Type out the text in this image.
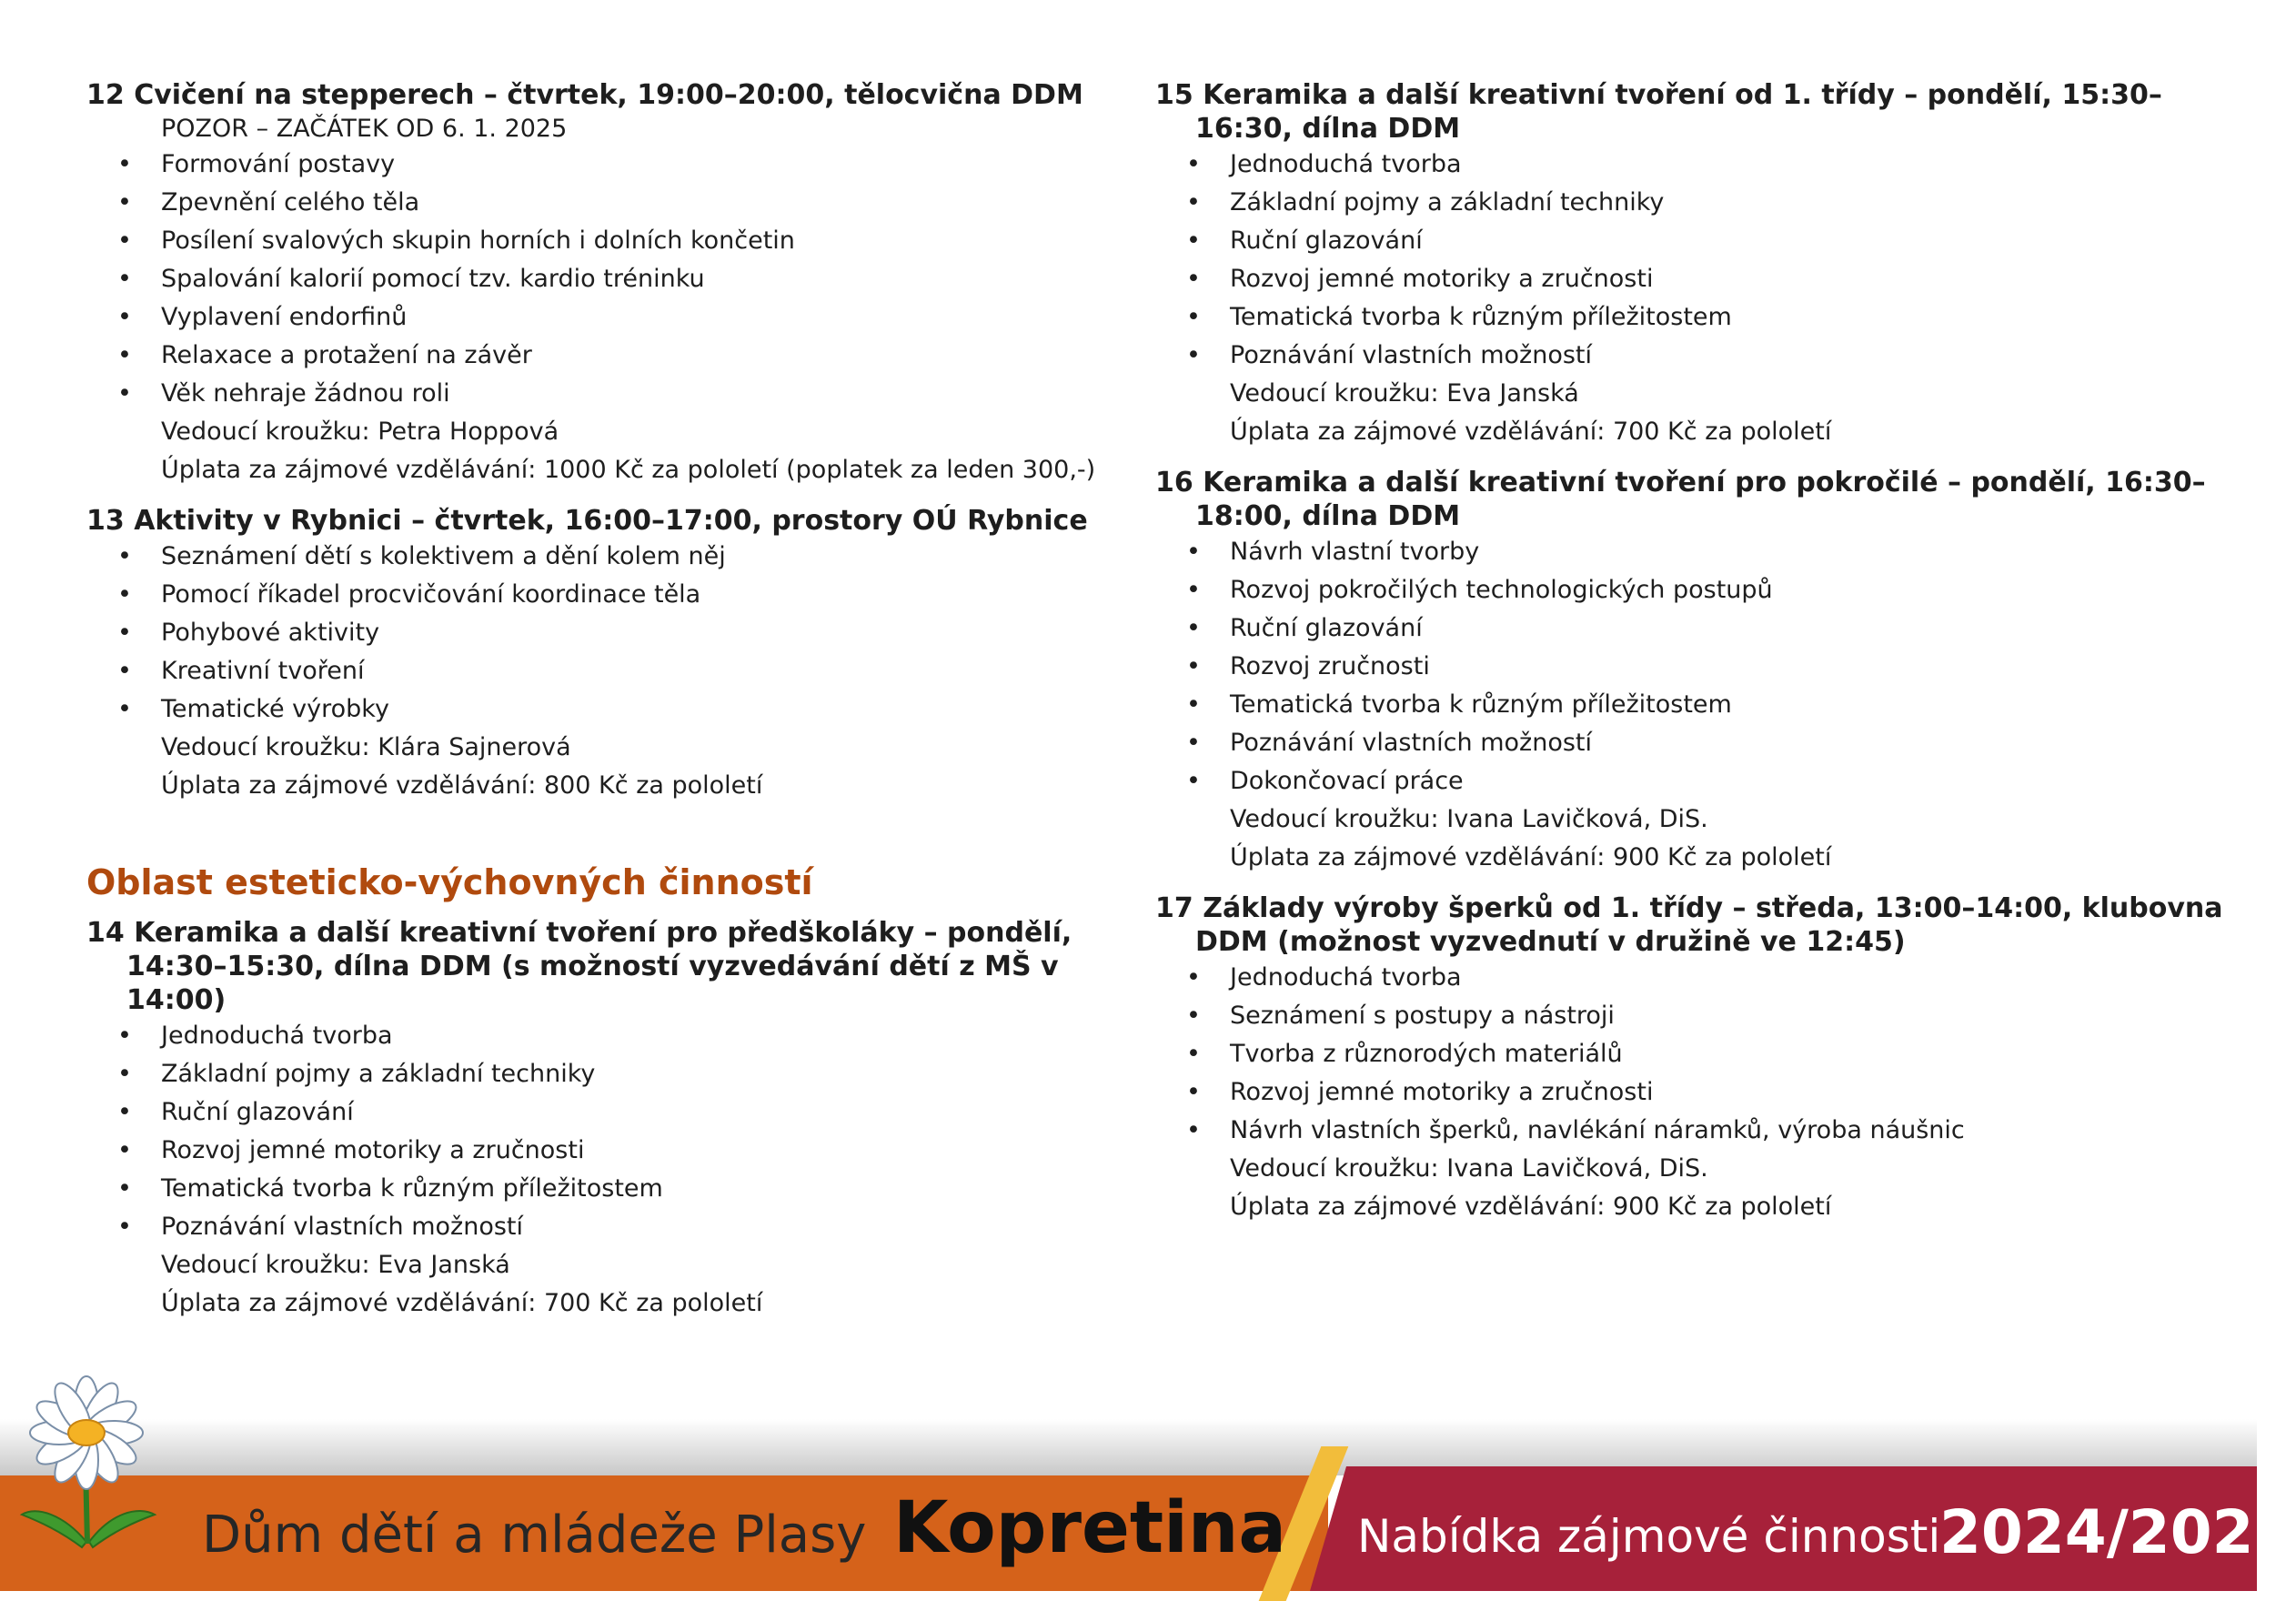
12 Cvičení na stepperech – čtvrtek, 19:00–20:00, tělocvična DDM

POZOR – ZAČÁTEK OD 6. 1. 2025
• Formování postavy
• Zpevnění celého těla
• Posílení svalových skupin horních i dolních končetin
• Spalování kalorií pomocí tzv. kardio tréninku
• Vyplavení endorfinů
• Relaxace a protažení na závěr
• Věk nehraje žádnou roli
Vedoucí kroužku: Petra Hoppová
Úplata za zájmové vzdělávání: 1000 Kč za pololetí (poplatek za leden 300,-)

13 Aktivity v Rybnici – čtvrtek, 16:00–17:00, prostory OÚ Rybnice

• Seznámení dětí s kolektivem a dění kolem něj
• Pomocí říkadel procvičování koordinace těla
• Pohybové aktivity
• Kreativní tvoření
• Tematické výrobky
Vedoucí kroužku: Klára Sajnerová
Úplata za zájmové vzdělávání: 800 Kč za pololetí
Oblast esteticko-výchovných činností

14 Keramika a další kreativní tvoření pro předškoláky – pondělí, 14:30–15:30, dílna DDM (s možností vyzvedávání dětí z MŠ v 14:00)

• Jednoduchá tvorba
• Základní pojmy a základní techniky
• Ruční glazování
• Rozvoj jemné motoriky a zručnosti
• Tematická tvorba k různým příležitostem
• Poznávání vlastních možností
Vedoucí kroužku: Eva Janská
Úplata za zájmové vzdělávání: 700 Kč za pololetí

15 Keramika a další kreativní tvoření od 1. třídy – pondělí, 15:30–16:30, dílna DDM

• Jednoduchá tvorba
• Základní pojmy a základní techniky
• Ruční glazování
• Rozvoj jemné motoriky a zručnosti
• Tematická tvorba k různým příležitostem
• Poznávání vlastních možností
Vedoucí kroužku: Eva Janská
Úplata za zájmové vzdělávání: 700 Kč za pololetí

16 Keramika a další kreativní tvoření pro pokročilé – pondělí, 16:30–18:00, dílna DDM

• Návrh vlastní tvorby
• Rozvoj pokročilých technologických postupů
• Ruční glazování
• Rozvoj zručnosti
• Tematická tvorba k různým příležitostem
• Poznávání vlastních možností
• Dokončovací práce
Vedoucí kroužku: Ivana Lavičková, DiS.
Úplata za zájmové vzdělávání: 900 Kč za pololetí

17 Základy výroby šperků od 1. třídy – středa, 13:00–14:00, klubovna DDM (možnost vyzvednutí v družině ve 12:45)

• Jednoduchá tvorba
• Seznámení s postupy a nástroji
• Tvorba z různorodých materiálů
• Rozvoj jemné motoriky a zručnosti
• Návrh vlastních šperků, navlékání náramků, výroba náušnic
Vedoucí kroužku: Ivana Lavičková, DiS.
Úplata za zájmové vzdělávání: 900 Kč za pololetí
Dům dětí a mládeže Plasy Kopretina Nabídka zájmové činnosti
2024/2025
